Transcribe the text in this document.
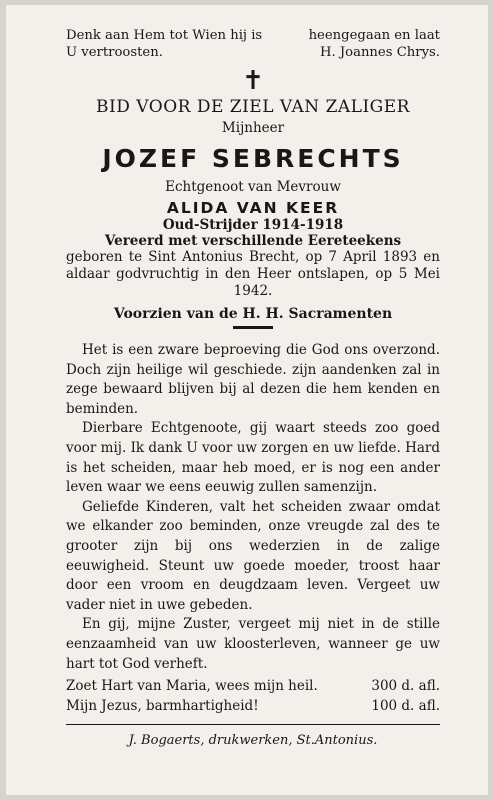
Denk aan Hem tot Wien hij is
U vertroosten.
heengegaan en laat
H. Joannes Chrys.
✝
BID VOOR DE ZIEL VAN ZALIGER
Mijnheer
JOZEF SEBRECHTS
Echtgenoot van Mevrouw
ALIDA VAN KEER
Oud-Strijder 1914-1918
Vereerd met verschillende Eereteekens
geboren te Sint Antonius Brecht, op 7 April 1893 en aldaar godvruchtig in den Heer ontslapen, op 5 Mei 1942.
Voorzien van de H. H. Sacramenten

Het is een zware beproeving die God ons overzond. Doch zijn heilige wil geschiede. zijn aandenken zal in zege bewaard blijven bij al dezen die hem kenden en beminden.

Dierbare Echtgenoote, gij waart steeds zoo goed voor mij. Ik dank U voor uw zorgen en uw liefde. Hard is het scheiden, maar heb moed, er is nog een ander leven waar we eens eeuwig zullen samenzijn.

Geliefde Kinderen, valt het scheiden zwaar omdat we elkander zoo beminden, onze vreugde zal des te grooter zijn bij ons wederzien in de zalige eeuwigheid. Steunt uw goede moeder, troost haar door een vroom en deugdzaam leven. Vergeet uw vader niet in uwe gebeden.

En gij, mijne Zuster, vergeet mij niet in de stille eenzaamheid van uw kloosterleven, wanneer ge uw hart tot God verheft.

Zoet Hart van Maria, wees mijn heil.	300 d. afl.
Mijn Jezus, barmhartigheid!	100 d. afl.
J. Bogaerts, drukwerken, St.Antonius.
